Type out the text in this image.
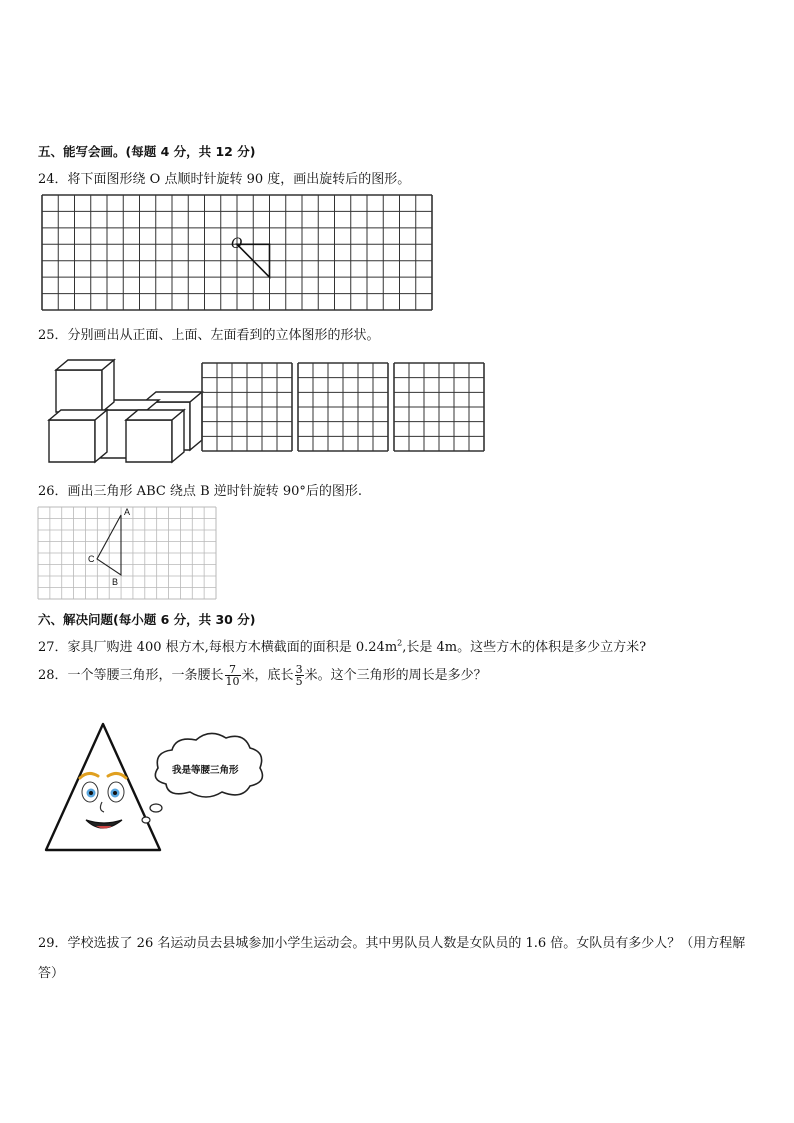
五、能写会画。(每题 4 分，共 12 分)
24．将下面图形绕 O 点顺时针旋转 90 度，画出旋转后的图形。
O
25．分别画出从正面、上面、左面看到的立体图形的形状。
26．画出三角形 ABC 绕点 B 逆时针旋转 90°后的图形.
A
B
C
六、解决问题(每小题 6 分，共 30 分)
27．家具厂购进 400 根方木,每根方木横截面的面积是 $0.24m^2$,长是 4m。这些方木的体积是多少立方米?
28．一个等腰三角形，一条腰长 $\frac{7}{10}$ 米，底长 $\frac{3}{5}$ 米。这个三角形的周长是多少？
我是等腰三角形
29．学校选拔了 26 名运动员去县城参加小学生运动会。其中男队员人数是女队员的 1.6 倍。女队员有多少人？（用方程解答）
